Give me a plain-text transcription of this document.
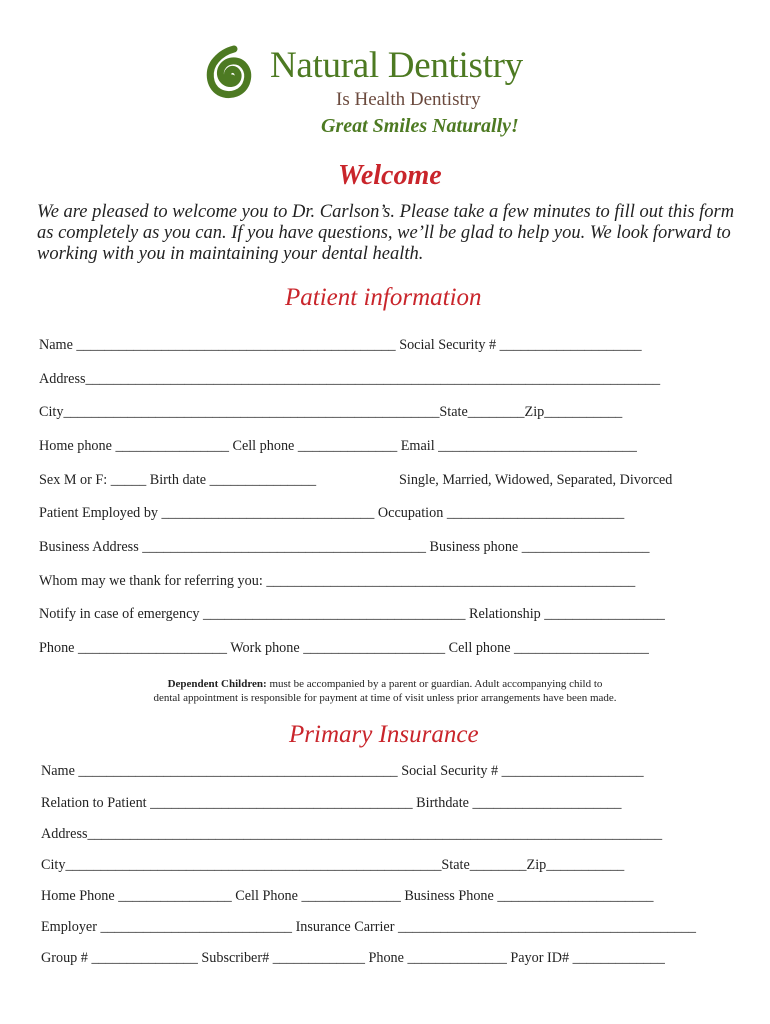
Natural Dentistry
Is Health Dentistry
Great Smiles Naturally!
Welcome
We are pleased to welcome you to Dr. Carlson’s. Please take a few minutes to fill out this form
as completely as you can. If you have questions, we’ll be glad to help you. We look forward to
working with you in maintaining your dental health.
Patient information
Name _____________________________________________ Social Security # ____________________
Address_________________________________________________________________________________
City_____________________________________________________State________Zip___________
Home phone ________________ Cell phone ______________ Email ____________________________
Sex M or F: _____ Birth date _______________	Single, Married, Widowed, Separated, Divorced
Patient Employed by ______________________________ Occupation _________________________
Business Address ________________________________________ Business phone __________________
Whom may we thank for referring you: ____________________________________________________
Notify in case of emergency _____________________________________ Relationship _________________
Phone _____________________ Work phone ____________________ Cell phone ___________________
Dependent Children: must be accompanied by a parent or guardian. Adult accompanying child to
dental appointment is responsible for payment at time of visit unless prior arrangements have been made.
Primary Insurance
Name _____________________________________________ Social Security # ____________________
Relation to Patient _____________________________________ Birthdate _____________________
Address_________________________________________________________________________________
City_____________________________________________________State________Zip___________
Home Phone ________________ Cell Phone ______________ Business Phone ______________________
Employer ___________________________ Insurance Carrier __________________________________________
Group # _______________ Subscriber# _____________ Phone ______________ Payor ID# _____________
